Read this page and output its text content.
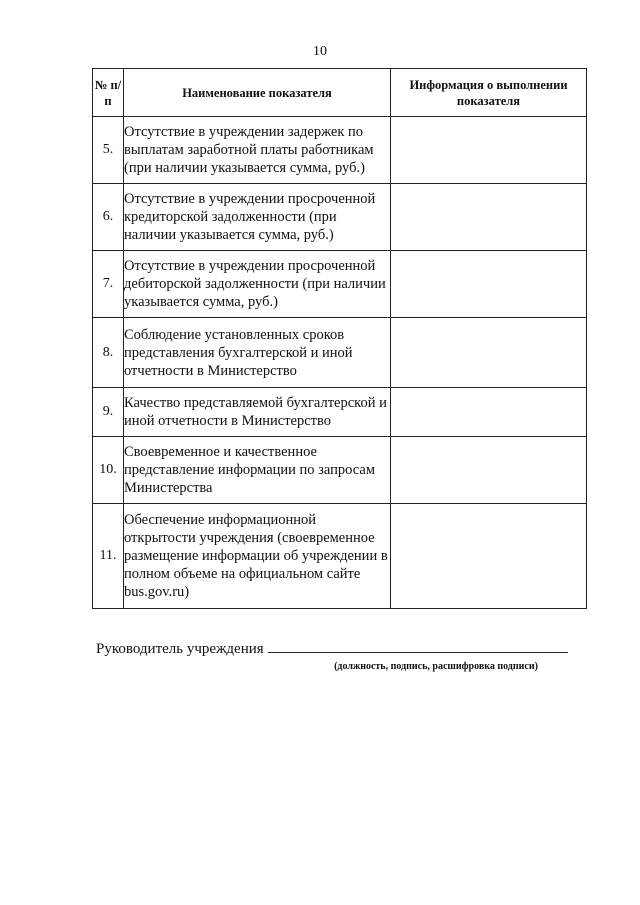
10
№ п/п	Наименование показателя	Информация о выполнении показателя
5.	Отсутствие в учреждении задержек по выплатам заработной платы работникам (при наличии указывается сумма, руб.)	
6.	Отсутствие в учреждении просроченной кредиторской задолженности (при наличии указывается сумма, руб.)	
7.	Отсутствие в учреждении просроченной дебиторской задолженности (при наличии указывается сумма, руб.)	
8.	Соблюдение установленных сроков представления бухгалтерской и иной отчетности в Министерство	
9.	Качество представляемой бухгалтерской и иной отчетности в Министерство	
10.	Своевременное и качественное представление информации по запросам Министерства	
11.	Обеспечение информационной открытости учреждения (своевременное размещение информации об учреждении в полном объеме на официальном сайте bus.gov.ru)	
Руководитель учреждения
(должность, подпись, расшифровка подписи)
